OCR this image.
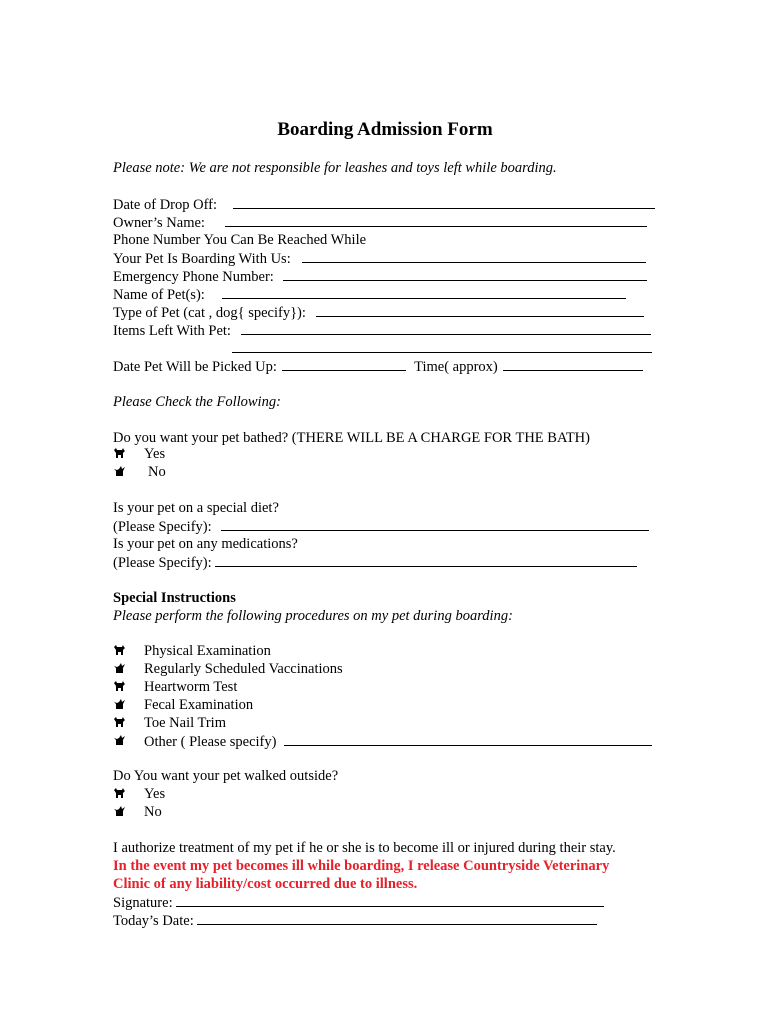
Boarding Admission Form
Please note: We are not responsible for leashes and toys left while boarding.
Date of Drop Off:
Owner’s Name:
Phone Number You Can Be Reached While
Your Pet Is Boarding With Us:
Emergency Phone Number:
Name of Pet(s):
Type of Pet (cat , dog{ specify}):
Items Left With Pet:
Date Pet Will be Picked Up:	Time( approx)
Please Check the Following:
Do you want your pet bathed? (THERE WILL BE A CHARGE FOR THE BATH)
Yes
No
Is your pet on a special diet?
(Please Specify):
Is your pet on any medications?
(Please Specify):
Special Instructions
Please perform the following procedures on my pet during boarding:
Physical Examination
Regularly Scheduled Vaccinations
Heartworm Test
Fecal Examination
Toe Nail Trim
Other ( Please specify)
Do You want your pet walked outside?
Yes
No
I authorize treatment of my pet if he or she is to become ill or injured during their stay.
In the event my pet becomes ill while boarding, I release Countryside Veterinary
Clinic of any liability/cost occurred due to illness.
Signature:
Today’s Date:
